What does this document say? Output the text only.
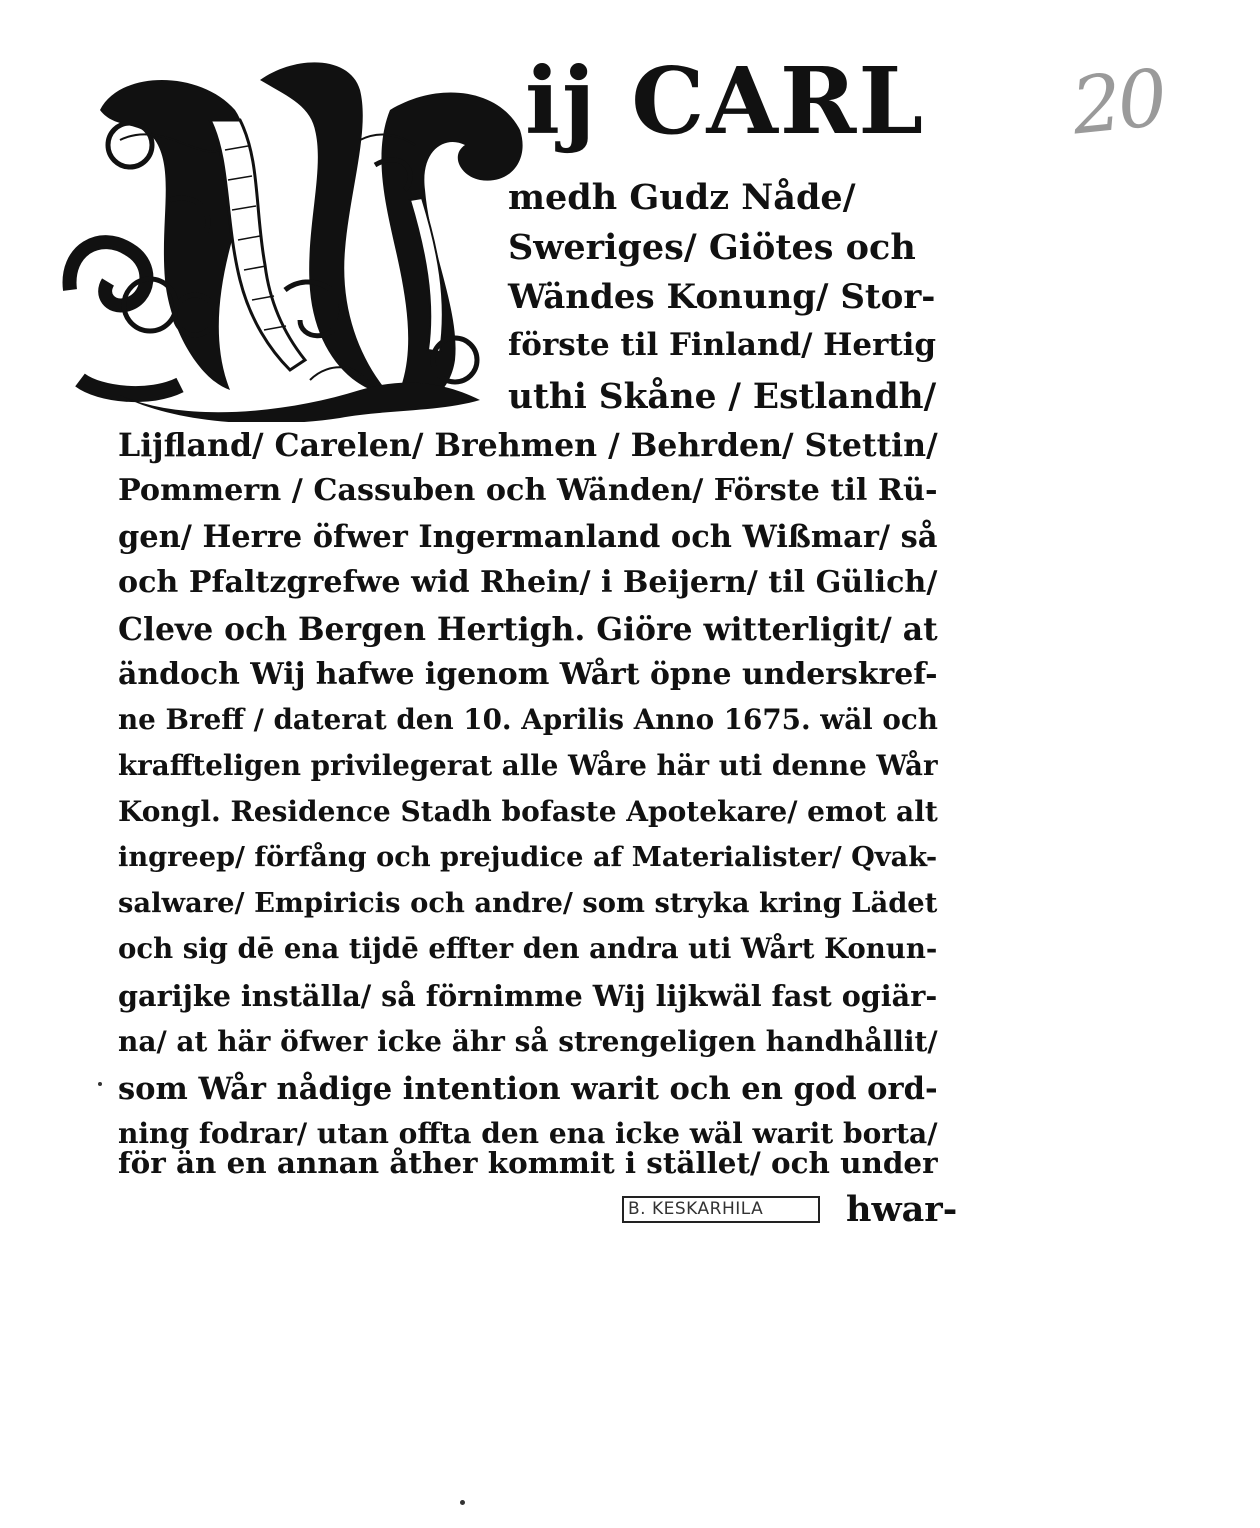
20
ij CARL
medh Gudz Nåde/
Sweriges/ Giötes och
Wändes Konung/ Stor-
förste til Finland/ Hertig
uthi Skåne / Estlandh/
Lijfland/ Carelen/ Brehmen / Behrden/ Stettin/
Pommern / Cassuben och Wänden/ Förste til Rü-
gen/ Herre öfwer Ingermanland och Wißmar/ så
och Pfaltzgrefwe wid Rhein/ i Beijern/ til Gülich/
Cleve och Bergen Hertigh. Giöre witterligit/ at
ändoch Wij hafwe igenom Wårt öpne underskref-
ne Breff / daterat den 10. Aprilis Anno 1675. wäl och
kraffteligen privilegerat alle Wåre här uti denne Wår
Kongl. Residence Stadh bofaste Apotekare/ emot alt
ingreep/ förfång och prejudice af Materialister/ Qvak-
salware/ Empiricis och andre/ som stryka kring Lädet
och sig dē ena tijdē effter den andra uti Wårt Konun-
garijke inställa/ så förnimme Wij lijkwäl fast ogiär-
na/ at här öfwer icke ähr så strengeligen handhållit/
som Wår nådige intention warit och en god ord-
ning fodrar/ utan offta den ena icke wäl warit borta/
för än en annan åther kommit i stället/ och under
B. KESKARHILA	hwar-
